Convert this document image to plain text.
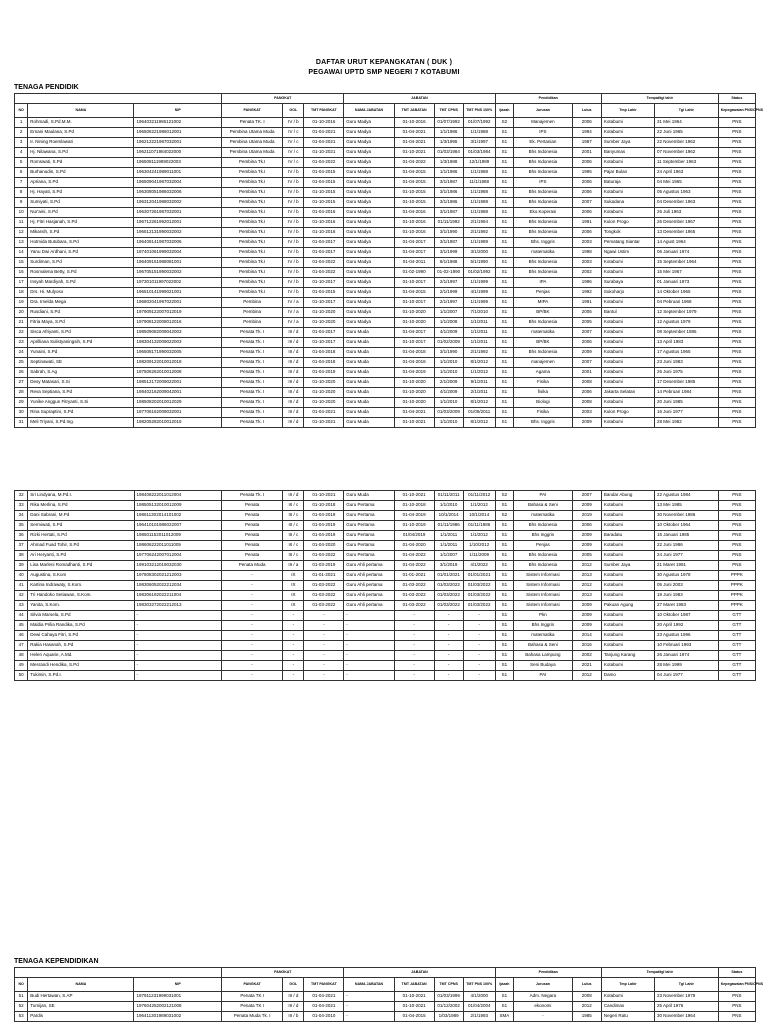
DAFTAR URUT KEPANGKATAN ( DUK )
PEGAWAI UPTD SMP NEGERI 7 KOTABUMI
TENAGA PENDIDIK
			PANGKAT			JABATAN				Pendidikan			Tempat/tgl lahir		Status
NO	NAMA	NIP	PANGKAT	GOL	TMT PANGKAT	NAMA JABATAN	TMT JABATAN	TMT CPNS	TMT PNS 100%	Ijazah	Jurusan	Lulus	Tmp Lahir	Tgl Lahir	Kepegawaian PNS/CPNS
1	Rohmadi, S.Pd.M.M.	196403211986121002	Penata TK. I	IV / b	01-10-2016	Guru Madya	01-10-2016	01/07/1992	01/07/1992	S2	Manajemen	2006	Kotabumi	31 Mei 1964	PNS
2	Ernani Maulana, S.Pd	196506221986012001	Pembina Utama Muda	IV / c	01-04-2021	Guru Madya	01-04-2021	1/1/1986	1/1/1988	S1	IPS	1994	Kotabumi	22 Juni 1965	PNS
3	Ir. Nining Roemlawati	196212221987032001	Pembina Utama Muda	IV / c	01-04-2021	Guru Madya	01-04-2021	1/3/1995	3/1/1997	S1	Ek. Pertanian	1987	Sumber Jaya	22 November 1962	PNS
4	Hj. Nilawana, S.Pd	196211071984022000	Pembina Utama Muda	IV / c	01-10-2021	Guru Madya	01-10-2021	01/03/1984	01/03/1984	S1	Bhs Indonesia	2001	Banyumas	07 November 1962	PNS
5	Romswati, S.Pd	196508111989022003	Pembina Tk.I	IV / c	01-04-2022	Guru Madya	01-04-2022	1/3/1988	12/1/1989	S1	Bhs Indonesia	2006	Kotabumi	11 September 1963	PNS
6	Burhanudin, S.Pd	196304241989011001	Pembina Tk.I	IV / b	01-04-2015	Guru Madya	01-04-2015	1/1/1986	1/1/1988	S1	Bhs Indonesia	1995	Pajar Bulan	24 April 1963	PNS
7	Apriana, S.Pd	196509041987032004	Pembina Tk.I	IV / b	01-04-2015	Guru Madya	01-04-2015	3/1/1987	11/1/1988	S1	IPS	2006	Baturaja	04 Mei 1965	PNS
8	Hj. Hayati, S.Pd	196308051986032006	Pembina Tk.I	IV / b	01-10-2015	Guru Madya	01-10-2015	3/1/1986	1/1/1988	S1	Bhs Indonesia	2006	Kotabumi	05 Agustus 1963	PNS
9	Sumiyati, S.Pd	196312041988032002	Pembina Tk.I	IV / b	01-10-2015	Guru Madya	01-10-2015	3/1/1986	1/1/1988	S1	Bhs Indonesia	2007	Sukadana	04 Desember 1963	PNS
10	Nur'aini, S.Pd	196307261987032001	Pembina Tk.I	IV / b	01-04-2016	Guru Madya	01-04-2016	3/1/1987	1/1/1988	S1	Eko.Koperasi	2006	Kotabumi	26 Juli 1963	PNS
11	Hj. Fitri Hasjanah, S.Pd	196712261992012001	Pembina Tk.I	IV / b	01-10-2016	Guru Madya	01-10-2016	01/11/1992	2/1/1994	S1	Bhs Indonesia	1991	Kulon Progo	26 Desember 1967	PNS
12	Mikarsih, S.Pd	196512131990032002	Pembina Tk.I	IV / b	01-10-2016	Guru Madya	01-10-2016	3/1/1990	2/1/1992	S1	Bhs Indonesia	2006	Tongkok	13 Desember 1965	PNS
13	Hotmida Butubara, S.Pd	196408141987032006	Pembina Tk.I	IV / b	01-04-2017	Guru Madya	01-04-2017	3/1/1987	1/1/1989	S1	Bhs. Inggris	2003	Pematang Siantar	14 Agust 1964	PNS
14	Yanu Dwi Ardhani, S.Pd	197401061999032004	Pembina Tk.I	IV / b	01-04-2017	Guru Madya	01-04-2017	3/1/1999	3/1/2000	S1	matematika	1998	Ngawi Ustim	06 Januari 1974	PNS
15	Surdiman, S.Pd	196409151988081001	Pembina Tk.I	IV / b	01-04-2022	Guru Madya	01-04-2011	8/1/1988	5/1/1990	S1	Bhs Indonesia	2003	Kotabumi	15 September 1964	PNS
16	Rosmalena Betty, S.Pd	196705151990032002	Pembina Tk.I	IV / b	01-04-2022	Guru Madya	01-02-1990	01-02-1990	01/02/1992	S1	Bhs Indonesia	2002	Kotabumi	15 Mei 1967	PNS
17	Insyah Mardiyah, S.Pd	197301011997022002	Pembina Tk.I	IV / b	01-10-2017	Guru Madya	01-10-2017	2/1/1997	1/1/1999	S1	IPA	1996	Surabaya	01 Januari 1973	PNS
18	Drs. Hi. Mulyoso	196510141999021001	Pembina Tk.I	IV / b	01-04-2015	Guru Madya	01-04-2015	2/1/1999	4/1/1999	S1	Penjas	1992	Sukoharjo	14 Oktober 1965	PNS
19	Dra. Imelda Mega	196802041997022001	Pembina	IV / a	01-10-2017	Guru Madya	01-10-2017	2/1/1997	1/1/1999	S1	MIPA	1991	Kotabumi	04 Pebruari 1968	PNS
20	Rusdiani, S.Pd	197909122007012019	Pembina	IV / a	01-10-2020	Guru Madya	01-10-2020	1/1/2007	7/1/2010	S1	BP/BK	2005	Bantul	12 September 1979	PNS
21	Fitria Maya, S.Pd	197908122008012016	Pembina	IV / a	01-10-2020	Guru Madya	01-10-2020	1/1/2008	1/1/2011	S1	Bhs Indonesia	2005	Kotabumi	12 Agustus 1979	PNS
22	Sisca Afriyanti, S.Pd	198509082009042003	Penata Tk. I	III / d	01-04-2017	Guru Muda	01-04-2017	4/1/2009	1/1/2011	S1	matematika	2007	Kotabumi	08 September 1985	PNS
23	Aprilliana Sulistyaningsih, S.Pd	198304132009022003	Penata Tk. I	III / d	01-10-2017	Guru Muda	01-10-2017	01/02/2009	1/1/2011	S1	BP/BK	2006	Kotabumi	13 April 1983	PNS
24	Yunaini, S.Pd	196508171990032005	Penata Tk. I	III / d	01-04-2018	Guru Muda	01-04-2018	3/1/1990	2/1/1992	S1	Bhs Indonesia	2009	Kotabumi	17 Agustus 1965	PNS
25	Septinawati, SE	198209122010012018	Penata Tk. I	III / d	01-04-2018	Guru Muda	01-04-2018	1/1/2010	8/1/2012	S1	manajemen	2007	Kotabumi	23 Juni 1983	PNS
26	Sabrah, S.Ag	197506262010012008	Penata Tk. I	III / d	01-04-2019	Guru Muda	01-04-2019	1/1/2010	1/1/2012	S1	Agama	2001	Kotabumi	26 Juni 1975	PNS
27	Desy Matasari, S.Si	198512172009022001	Penata Tk. I	III / d	01-10-2020	Guru Muda	01-10-2020	2/1/2009	9/1/2011	S1	Fisika	2008	Kotabumi	17 Desember 1985	PNS
28	Reva Septiana, S.Pd	198402162009042001	Penata Tk. I	III / d	01-10-2020	Guru Muda	01-10-2020	4/1/2009	2/1/2011	S1	fisika	2006	Jakarta Selatan	14 Pebruari 1984	PNS
29	Yunike Anggun Fitryanti, S.Si	198508202010012029	Penata Tk. I	III / d	01-10-2020	Guru Muda	01-10-2020	1/1/2010	8/1/2012	S1	Biologi	2008	Kotabumi	20 Juni 1985	PNS
30	Rina Supraptini, S.Pd	197706162009032001	Penata Tk. I	III / d	01-04-2021	Guru Muda	01-04-2021	01/03/2009	01/09/2011	S1	Fisika	2003	Kulon Progo	16 Juni 1977	PNS
31	Meli Triyani, S.Pd.Ing.	198205282010012015	Penata Tk. I	III / d	01-10-2021	Guru Muda	01-10-2021	1/1/2010	8/1/2012	S1	Bhs. Inggris	2009	Kotabumi	28 Mei 1982	PNS
32	Sri Lindyana, M.Pd.I.	198408222011012004	Penata Tk. I	III / d	01-10-2021	Guru Muda	01-10-2021	01/11/2011	01/11/2012	S2	PAI	2007	Bandar Abung	22 Agustus 1984	PNS
33	Rika Merlina, S.Pd	198505132010012009	Penata	III / c	01-10-2018	Guru Pertama	01-10-2018	1/1/2010	1/1/2012	S1	Bahasa & Seni	2009	Kotabumi	13 Mei 1985	PNS
34	Dani Sabrani, M.Pd	198611302014101002	Penata	III / c	01-04-2019	Guru Pertama	01-04-2019	10/1/2014	10/1/2014	S2	matematika	2019	Kotabumi	30 November 1986	PNS
35	Sermiwati, S.Pd	196410101986022007	Penata	III / c	01-04-2019	Guru Pertama	01-10-2019	01/11/1986	01/11/1986	S1	Bhs Indonesia	2006	Kotabumi	10 Oktober 1964	PNS
36	Rizki Hertati, S.Pd	198501152011012009	Penata	III / c	01-04-2019	Guru Pertama	01/04/2019	1/1/2011	1/1/2012	S1	Bhs Inggris	2009	Baradatu	15 Januari 1985	PNS
37	Ahmad Fuad Tohir, S.Pd	198606222011011005	Penata	III / c	01-04-2020	Guru Pertama	01-04-2020	1/1/2011	1/10/2012	S1	Penjas	2009	Kotabumi	22 Juni 1986	PNS
38	Ari Heryanti, S.Pd	197706242007012004	Penata	III / c	01-04-2022	Guru Pertama	01-04-2022	1/1/2007	1/11/2009	S1	Bhs Indonesia	2005	Kotabumi	24 Juni 1977	PNS
39	Lisa Marleni Romadhanti, S.Pd	199103212019032030	Penata Muda	III / a	01-03-2019	Guru Ahli pertama	01-04-2022	3/1/2019	4/1/2022	S1	Bhs Indonesia	2012	Sumber Jaya	21 Maret 1991	PNS
40	Augustina, S.Kom	197808302021212003	-	IX	01-01-2021	Guru Ahli pertama	01-01-2021	01/01/2021	01/01/2021	S1	Sistem Informasi	2013	Kotabumi	30 Agustus 1978	PPPK
41	Kartina Indrawaty, S.Kom.	198306052022212034	-	IX	01-03-2022	Guru Ahli pertama	01-03-2022	01/03/2022	01/03/2022	S1	Sistem Informasi	2012	Kotabumi	05 Juni 2003	PPPK
42	Tri Handoko Setiawan, S.Kom.	198306192022211004	-	IX	01-03-2022	Guru Ahli pertama	01-03-2022	01/03/2022	01/03/2022	S1	Sistem Informasi	2013	Kotabumi	19 Juni 1983	PPPK
43	Yanita, S.Kom.	198303272022212013	-	IX	01-03-2022	Guru Ahli pertama	01-03-2022	01/03/2022	01/03/2022	S1	Sistem Informasi	2009	Pakuan Agung	27 Maret 1983	PPPK
44	Silvia Marsela, S.Pd	-	-	-	-	-	-	-	-	S1	Pkn	2009	Kotabumi	10 Oktober 1987	GTT
45	Maldia Prilia Randika, S.Pd	-	-	-	-	-	-	-	-	S1	Bhs Inggris	2009	Kotabumi	20 April 1992	GTT
46	Dewi Cahaya Fitri, S.Pd	-	-	-	-	-	-	-	-	S1	matematika	2014	Kotabumi	23 Agustus 1996	GTT
47	Rakia Hasanah, S.Pd	-	-	-	-	-	-	-	-	S1	Bahasa & Seni	2016	Kotabumi	10 Februari 1993	GTT
48	Helen Aquarie, A.Md.	-	-	-	-	-	-	-	-	S1	Bahasa Lampung	2002	Tanjung Karang	26 Januari 1974	GTT
49	Mesrandi Hendika, S.Pd	-	-	-	-	-	-	-	-	S1	Seni Budaya	2021	Kotabumi	28 Mei 1999	GTT
50	Tukimin, S.Pd.I.	-	-	-	-	-	-	-	-	S1	PAI	2012	Damo	04 Juni 1977	GTT
TENAGA KEPENDIDIKAN
			PANGKAT			JABATAN				Pendidikan			Tempat/tgl lahir		Status
NO	NAMA	NIP	PANGKAT	GOL	TMT PANGKAT	NAMA JABATAN	TMT JABATAN	TMT CPNS	TMT PNS 100%	Ijazah	Jurusan	Lulus	Tmp Lahir	Tgl Lahir	Kepegawaian PNS/CPNS
51	Budi Hertawan, S.AP	197911231999031001	Penata TK I	III / d	01-04-2021	-	01-10-2021	01/03/1999	4/1/2000	S1	Adm. Negara	2008	Kotabumi	23 November 1979	PNS
52	Tumijan, SE	197604252002121008	Penata TK I	III / d	01-04-2021	-	01-10-2021	01/12/2002	01/04/2004	S1	ekonomi	2012	Candimas	25 April 1976	PNS
53	Pardis	196411301989031002	Penata Muda Tk. I	III / b	01-04-2010	-	01-04-2015	1/03/1989	2/1/1993	SMA	-	1985	Negeri Ratu	30 November 1964	PNS
